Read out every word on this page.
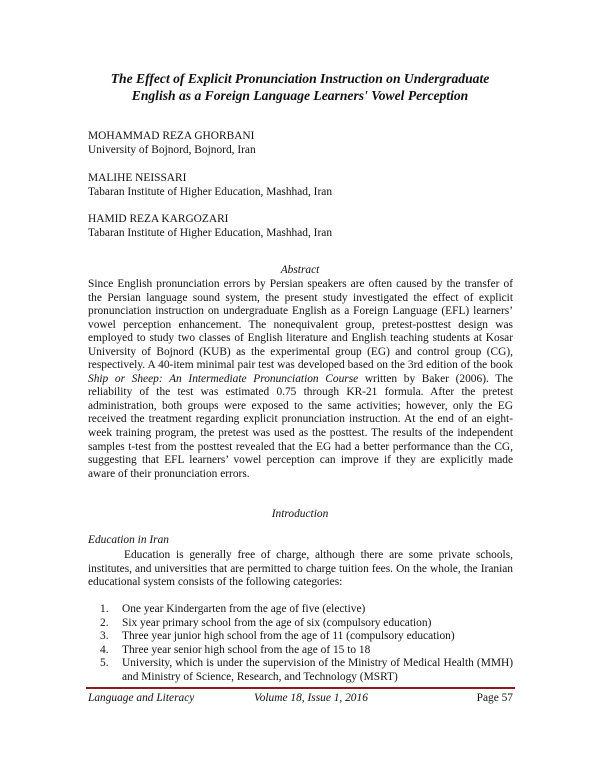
The Effect of Explicit Pronunciation Instruction on Undergraduate
English as a Foreign Language Learners' Vowel Perception
MOHAMMAD REZA GHORBANI
University of Bojnord, Bojnord, Iran
MALIHE NEISSARI
Tabaran Institute of Higher Education, Mashhad, Iran
HAMID REZA KARGOZARI
Tabaran Institute of Higher Education, Mashhad, Iran
Abstract
Since English pronunciation errors by Persian speakers are often caused by the transfer of the Persian language sound system, the present study investigated the effect of explicit pronunciation instruction on undergraduate English as a Foreign Language (EFL) learners’ vowel perception enhancement. The nonequivalent group, pretest-posttest design was employed to study two classes of English literature and English teaching students at Kosar University of Bojnord (KUB) as the experimental group (EG) and control group (CG), respectively. A 40-item minimal pair test was developed based on the 3rd edition of the book Ship or Sheep: An Intermediate Pronunciation Course written by Baker (2006). The reliability of the test was estimated 0.75 through KR-21 formula. After the pretest administration, both groups were exposed to the same activities; however, only the EG received the treatment regarding explicit pronunciation instruction. At the end of an eight-week training program, the pretest was used as the posttest. The results of the independent samples t-test from the posttest revealed that the EG had a better performance than the CG, suggesting that EFL learners’ vowel perception can improve if they are explicitly made aware of their pronunciation errors.
Introduction
Education in Iran
Education is generally free of charge, although there are some private schools, institutes, and universities that are permitted to charge tuition fees. On the whole, the Iranian educational system consists of the following categories:
1. One year Kindergarten from the age of five (elective)
2. Six year primary school from the age of six (compulsory education)
3. Three year junior high school from the age of 11 (compulsory education)
4. Three year senior high school from the age of 15 to 18
5. University, which is under the supervision of the Ministry of Medical Health (MMH) and Ministry of Science, Research, and Technology (MSRT)
Language and Literacy	Volume 18, Issue 1, 2016	Page 57
